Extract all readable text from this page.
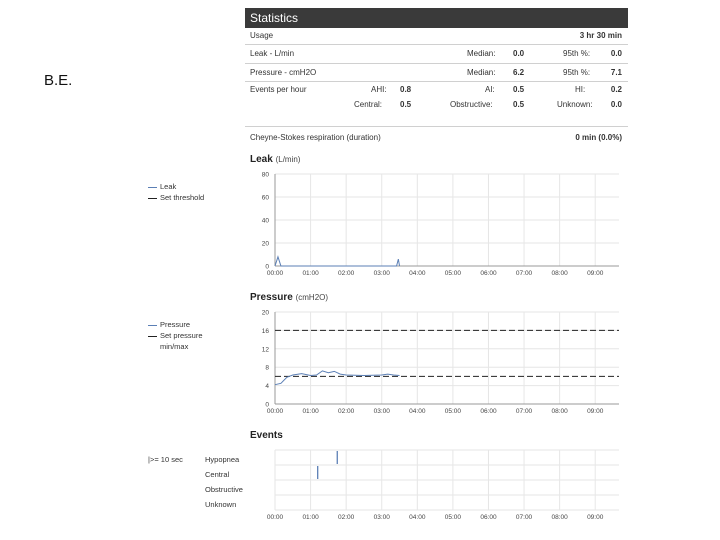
B.E.
Statistics
Usage	3 hr 30 min
Leak - L/min	Median: 0.0	95th %:	0.0
Pressure - cmH2O	Median: 6.2	95th %:	7.1
Events per hour	AHI: 0.8	AI: 0.5	HI:	0.2
Central: 0.5	Obstructive:	0.5	Unknown: 0.0
Cheyne-Stokes respiration (duration)	0 min (0.0%)
Leak (L/min)
Leak
Set threshold
80
60
40
20
0
00:00	01:00	02:00	03:00	04:00	05:00	06:00	07:00	08:00	09:00
Pressure (cmH2O)
Pressure
Set pressure
min/max
20
16
12
8
4
0
00:00	01:00	02:00	03:00	04:00	05:00	06:00	07:00	08:00	09:00
Events
|>= 10 sec	Hypopnea
Central
Obstructive
Unknown
00:00	01:00	02:00	03:00	04:00	05:00	06:00	07:00	08:00	09:00
